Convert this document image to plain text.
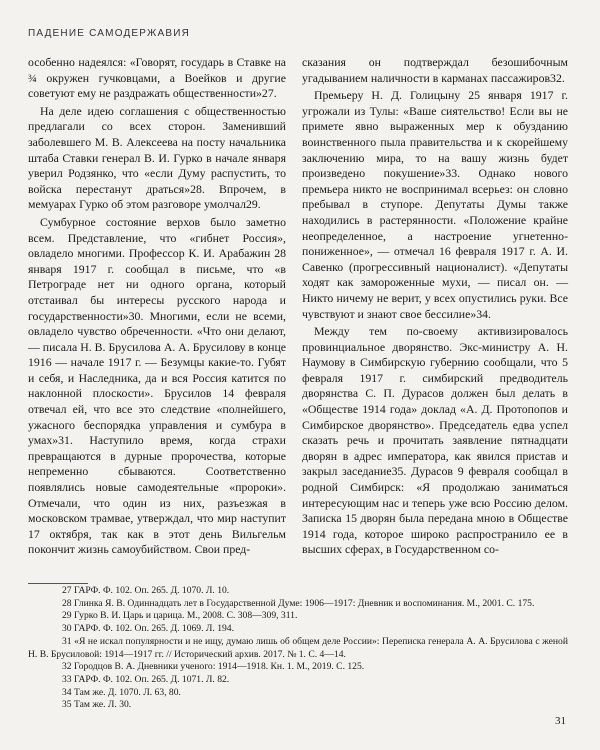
ПАДЕНИЕ САМОДЕРЖАВИЯ

особенно надеялся: «Говорят, государь в Ставке на ¾ окружен гучковцами, а Воейков и другие советуют ему не раздражать общественности»27.

На деле идею соглашения с общественностью предлагали со всех сторон. Заменивший заболевшего М. В. Алексеева на посту начальника штаба Ставки генерал В. И. Гурко в начале января уверил Родзянко, что «если Думу распустить, то войска перестанут драться»28. Впрочем, в мемуарах Гурко об этом разговоре умолчал29.

Сумбурное состояние верхов было заметно всем. Представление, что «гибнет Россия», овладело многими. Профессор К. И. Арабажин 28 января 1917 г. сообщал в письме, что «в Петрограде нет ни одного органа, который отстаивал бы интересы русского народа и государственности»30. Многими, если не всеми, овладело чувство обреченности. «Что они делают, — писала Н. В. Брусилова А. А. Брусилову в конце 1916 — начале 1917 г. — Безумцы какие-то. Губят и себя, и Наследника, да и вся Россия катится по наклонной плоскости». Брусилов 14 февраля отвечал ей, что все это следствие «полнейшего, ужасного беспорядка управления и сумбура в умах»31. Наступило время, когда страхи превращаются в дурные пророчества, которые непременно сбываются. Соответственно появлялись новые самодеятельные «пророки». Отмечали, что один из них, разъезжая в московском трамвае, утверждал, что мир наступит 17 октября, так как в этот день Вильгельм покончит жизнь самоубийством. Свои пред-

сказания он подтверждал безошибочным угадыванием наличности в карманах пассажиров32.

Премьеру Н. Д. Голицыну 25 января 1917 г. угрожали из Тулы: «Ваше сиятельство! Если вы не примете явно выраженных мер к обузданию воинственного пыла правительства и к скорейшему заключению мира, то на вашу жизнь будет произведено покушение»33. Однако нового премьера никто не воспринимал всерьез: он словно пребывал в ступоре. Депутаты Думы также находились в растерянности. «Положение крайне неопределенное, а настроение угнетенно-пониженное», — отмечал 16 февраля 1917 г. А. И. Савенко (прогрессивный националист). «Депутаты ходят как замороженные мухи, — писал он. — Никто ничему не верит, у всех опустились руки. Все чувствуют и знают свое бессилие»34.

Между тем по-своему активизировалось провинциальное дворянство. Экс-министру А. Н. Наумову в Симбирскую губернию сообщали, что 5 февраля 1917 г. симбирский предводитель дворянства С. П. Дурасов должен был делать в «Обществе 1914 года» доклад «А. Д. Протопопов и Симбирское дворянство». Председатель едва успел сказать речь и прочитать заявление пятнадцати дворян в адрес императора, как явился пристав и закрыл заседание35. Дурасов 9 февраля сообщал в родной Симбирск: «Я продолжаю заниматься интересующим нас и теперь уже всю Россию делом. Записка 15 дворян была передана мною в Обществе 1914 года, которое широко распространило ее в высших сферах, в Государственном со-

27 ГАРФ. Ф. 102. Оп. 265. Д. 1070. Л. 10.
28 Глинка Я. В. Одиннадцать лет в Государственной Думе: 1906—1917: Дневник и воспоминания. М., 2001. С. 175.
29 Гурко В. И. Царь и царица. М., 2008. С. 308—309, 311.
30 ГАРФ. Ф. 102. Оп. 265. Д. 1069. Л. 194.
31 «Я не искал популярности и не ищу, думаю лишь об общем деле России»: Переписка генерала А. А. Брусилова с женой Н. В. Брусиловой: 1914—1917 гг. // Исторический архив. 2017. № 1. С. 4—14.
32 Городцов В. А. Дневники ученого: 1914—1918. Кн. 1. М., 2019. С. 125.
33 ГАРФ. Ф. 102. Оп. 265. Д. 1071. Л. 82.
34 Там же. Д. 1070. Л. 63, 80.
35 Там же. Л. 30.
31
